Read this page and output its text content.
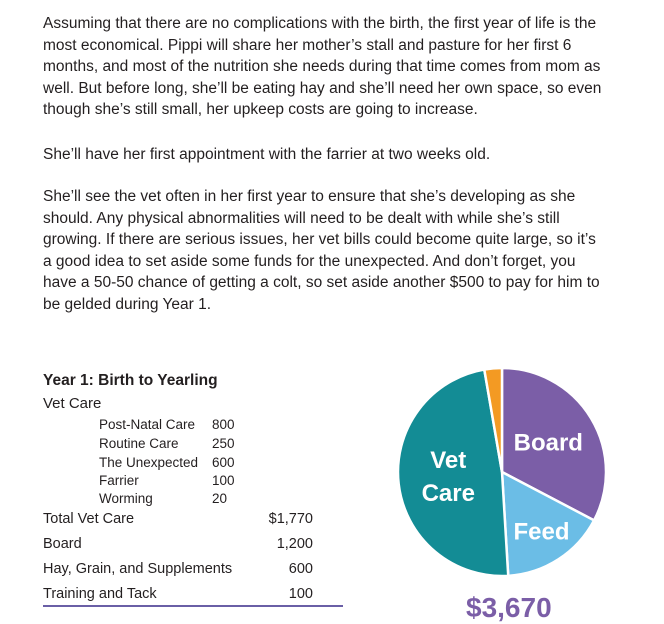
Assuming that there are no complications with the birth, the first year of life is the most economical. Pippi will share her mother’s stall and pasture for her first 6 months, and most of the nutrition she needs during that time comes from mom as well. But before long, she’ll be eating hay and she’ll need her own space, so even though she’s still small, her upkeep costs are going to increase.

She’ll have her first appointment with the farrier at two weeks old.

She’ll see the vet often in her first year to ensure that she’s developing as she should. Any physical abnormalities will need to be dealt with while she’s still growing. If there are serious issues, her vet bills could become quite large, so it’s a good idea to set aside some funds for the unexpected. And don’t forget, you have a 50-50 chance of getting a colt, so set aside another $500 to pay for him to be gelded during Year 1.

Year 1: Birth to Yearling
Vet Care
Post-Natal Care 800
Routine Care 250
The Unexpected 600
Farrier	100
Worming	20
Total Vet Care	$1,770
Board	1,200
Hay, Grain, and Supplements	600
Training and Tack	100
Board
Feed
Vet
Care
$3,670
